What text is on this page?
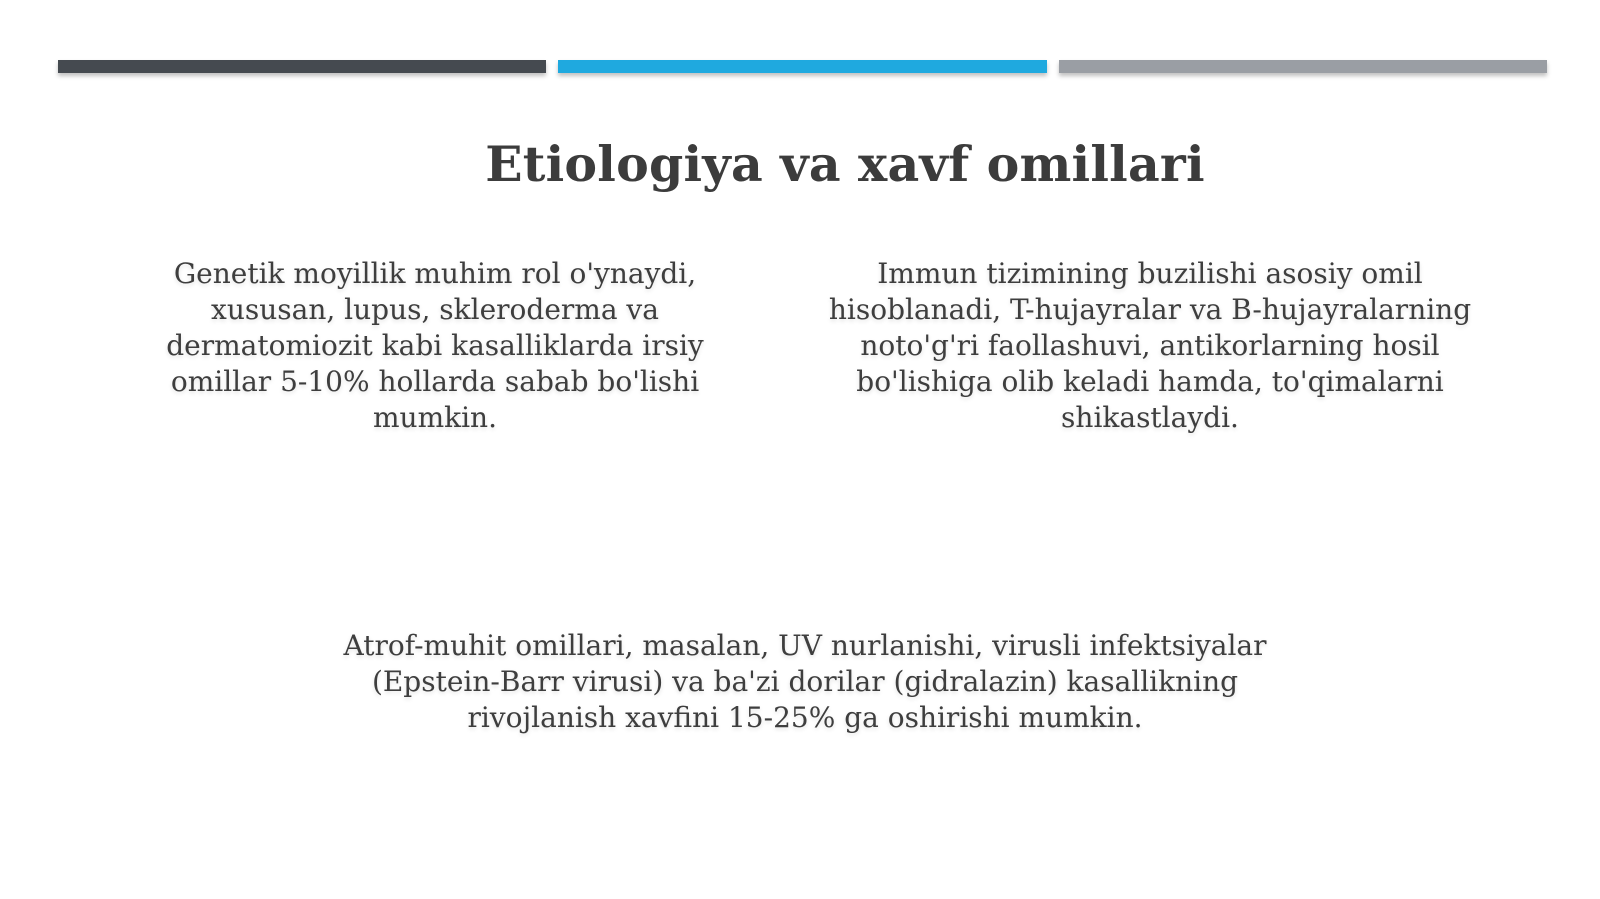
Etiologiya va xavf omillari

Genetik moyillik muhim rol o'ynaydi, xususan, lupus, skleroderma va dermatomiozit kabi kasalliklarda irsiy omillar 5-10% hollarda sabab bo'lishi mumkin.

Immun tizimining buzilishi asosiy omil hisoblanadi, T-hujayralar va B-hujayralarning noto'g'ri faollashuvi, antikorlarning hosil bo'lishiga olib keladi hamda, to'qimalarni shikastlaydi.

Atrof-muhit omillari, masalan, UV nurlanishi, virusli infektsiyalar (Epstein-Barr virusi) va ba'zi dorilar (gidralazin) kasallikning rivojlanish xavfini 15-25% ga oshirishi mumkin.
